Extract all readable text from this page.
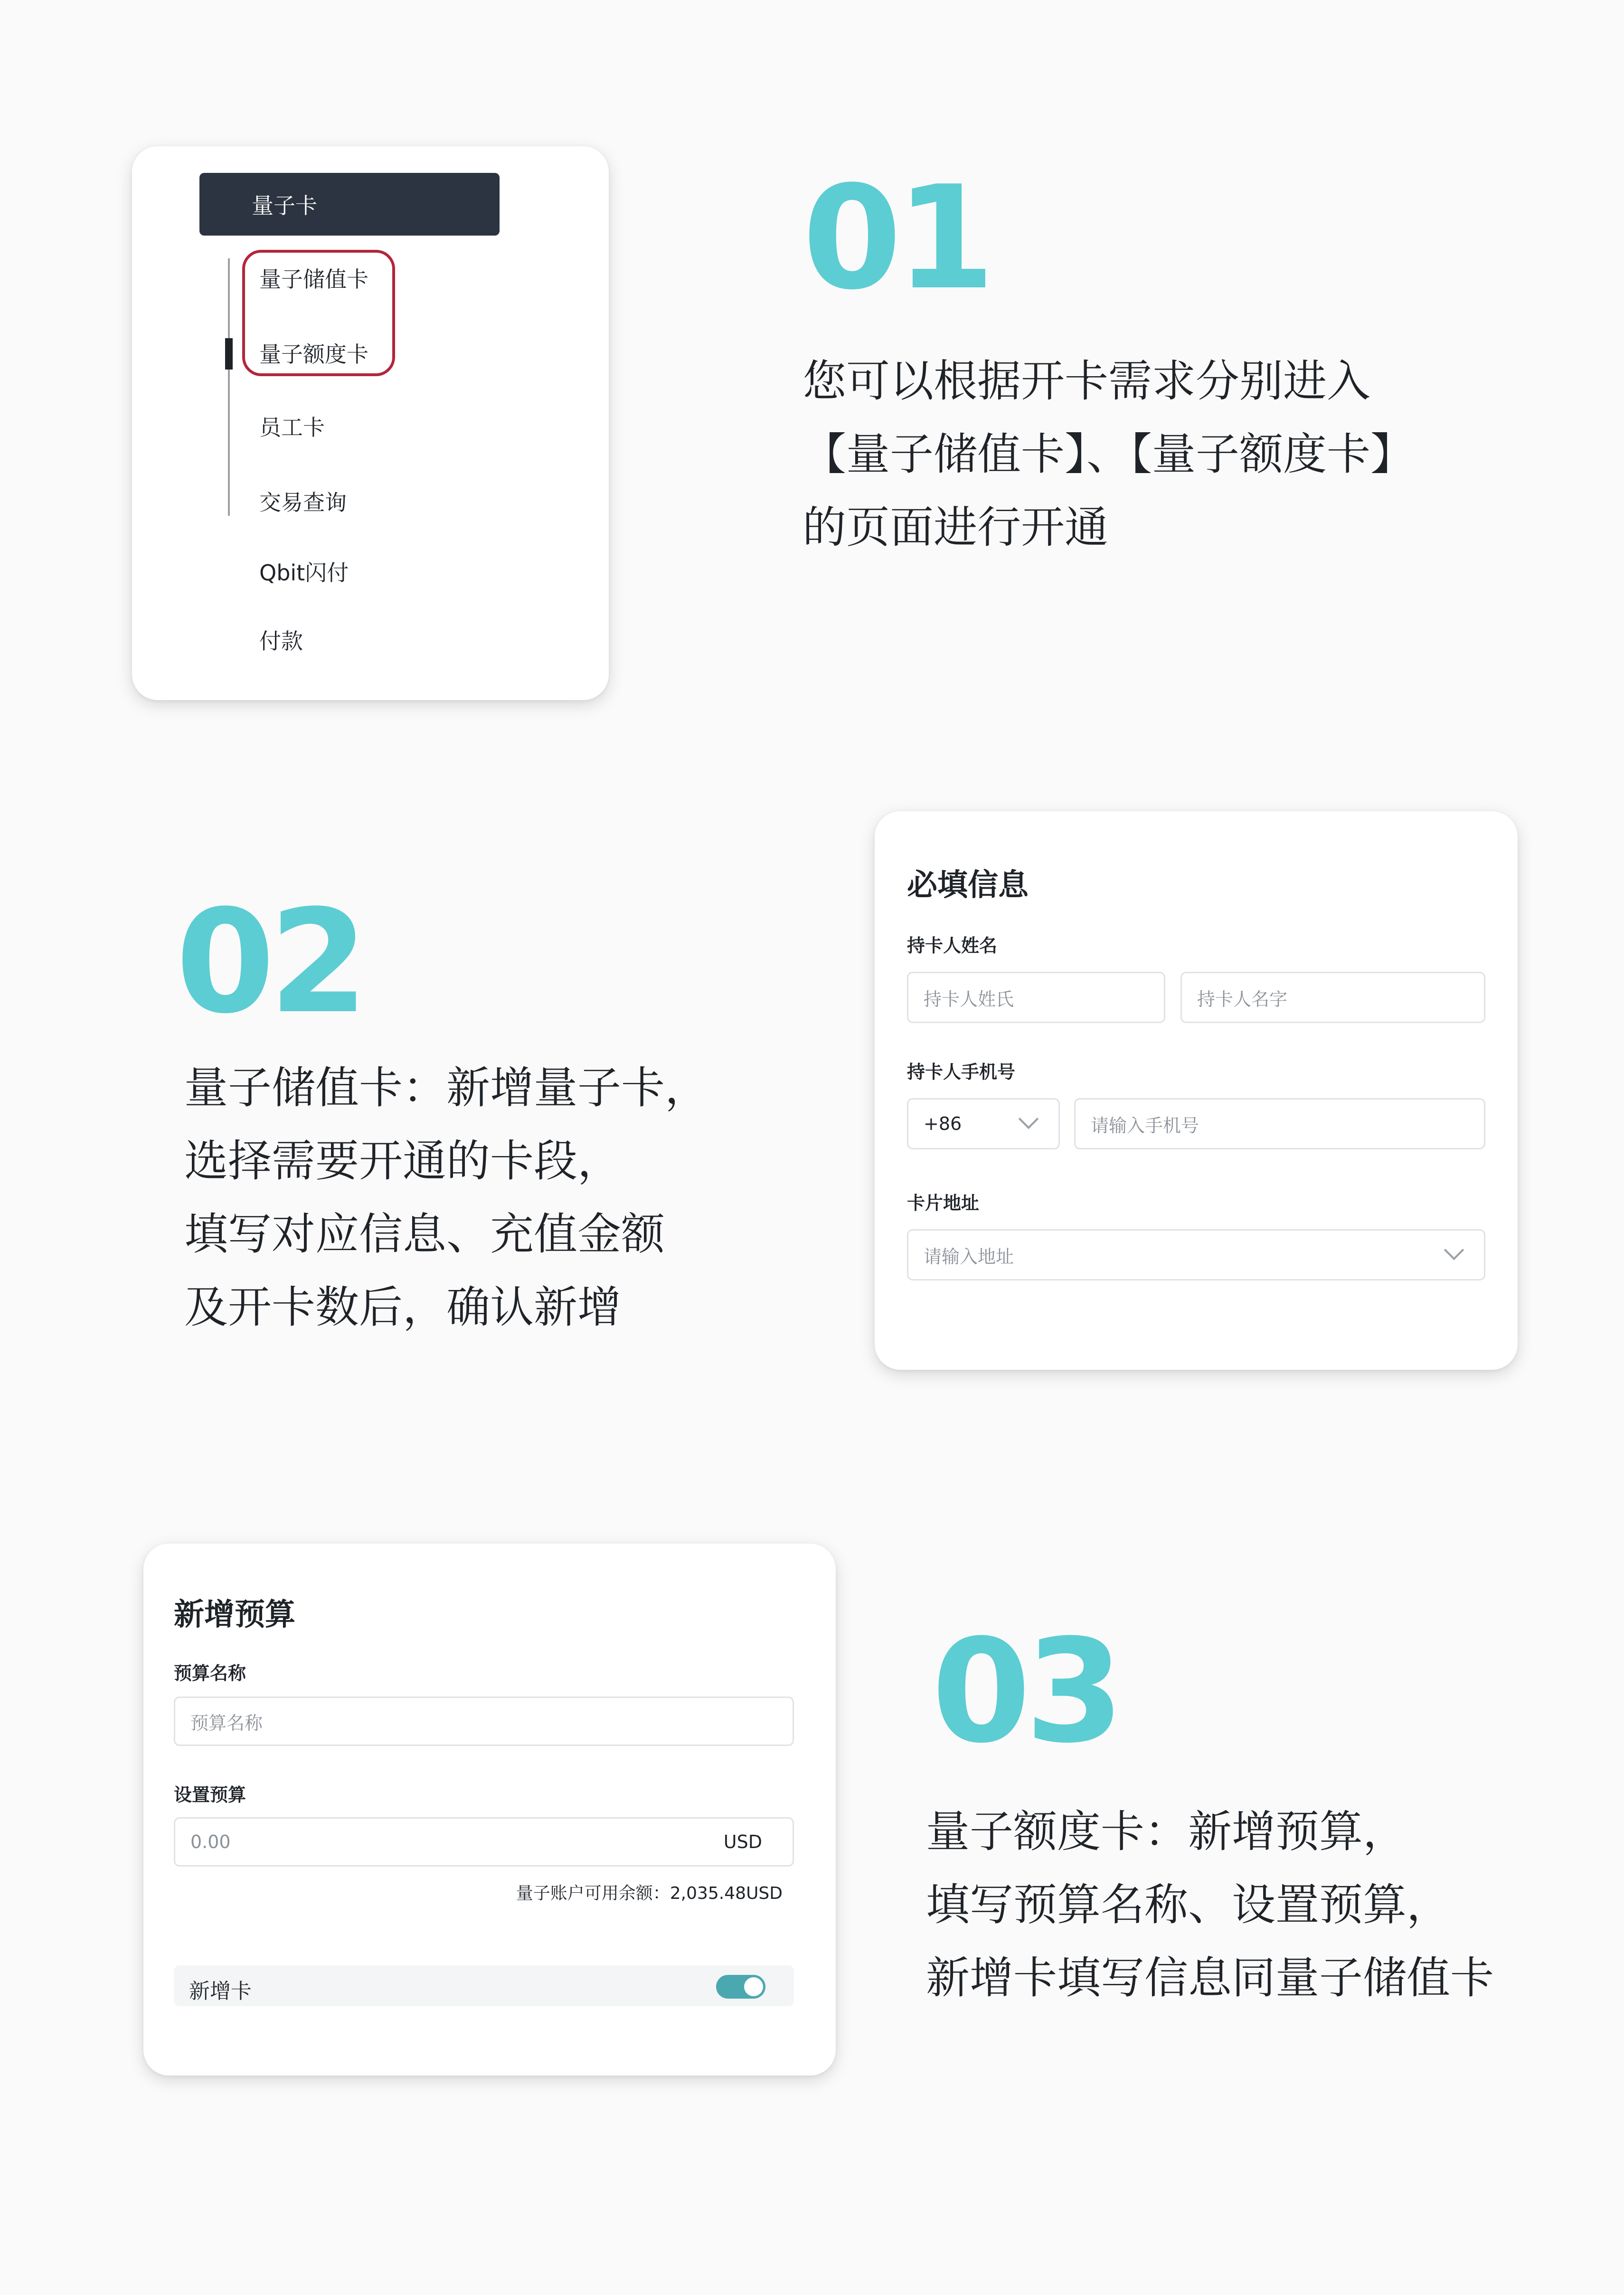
量子卡
量子储值卡
量子额度卡
员工卡
交易查询
Qbit闪付
付款
01
您可以根据开卡需求分别进入
【量子储值卡】、【量子额度卡】
的页面进行开通
02
量子储值卡：新增量子卡，
选择需要开通的卡段，
填写对应信息、充值金额
及开卡数后，确认新增
必填信息
持卡人姓名
持卡人姓氏	持卡人名字
持卡人手机号
+86	请输入手机号
卡片地址
请输入地址
新增预算
预算名称
预算名称
设置预算
0.00	USD
量子账户可用余额：2,035.48USD
新增卡
03
量子额度卡：新增预算，
填写预算名称、设置预算，
新增卡填写信息同量子储值卡
